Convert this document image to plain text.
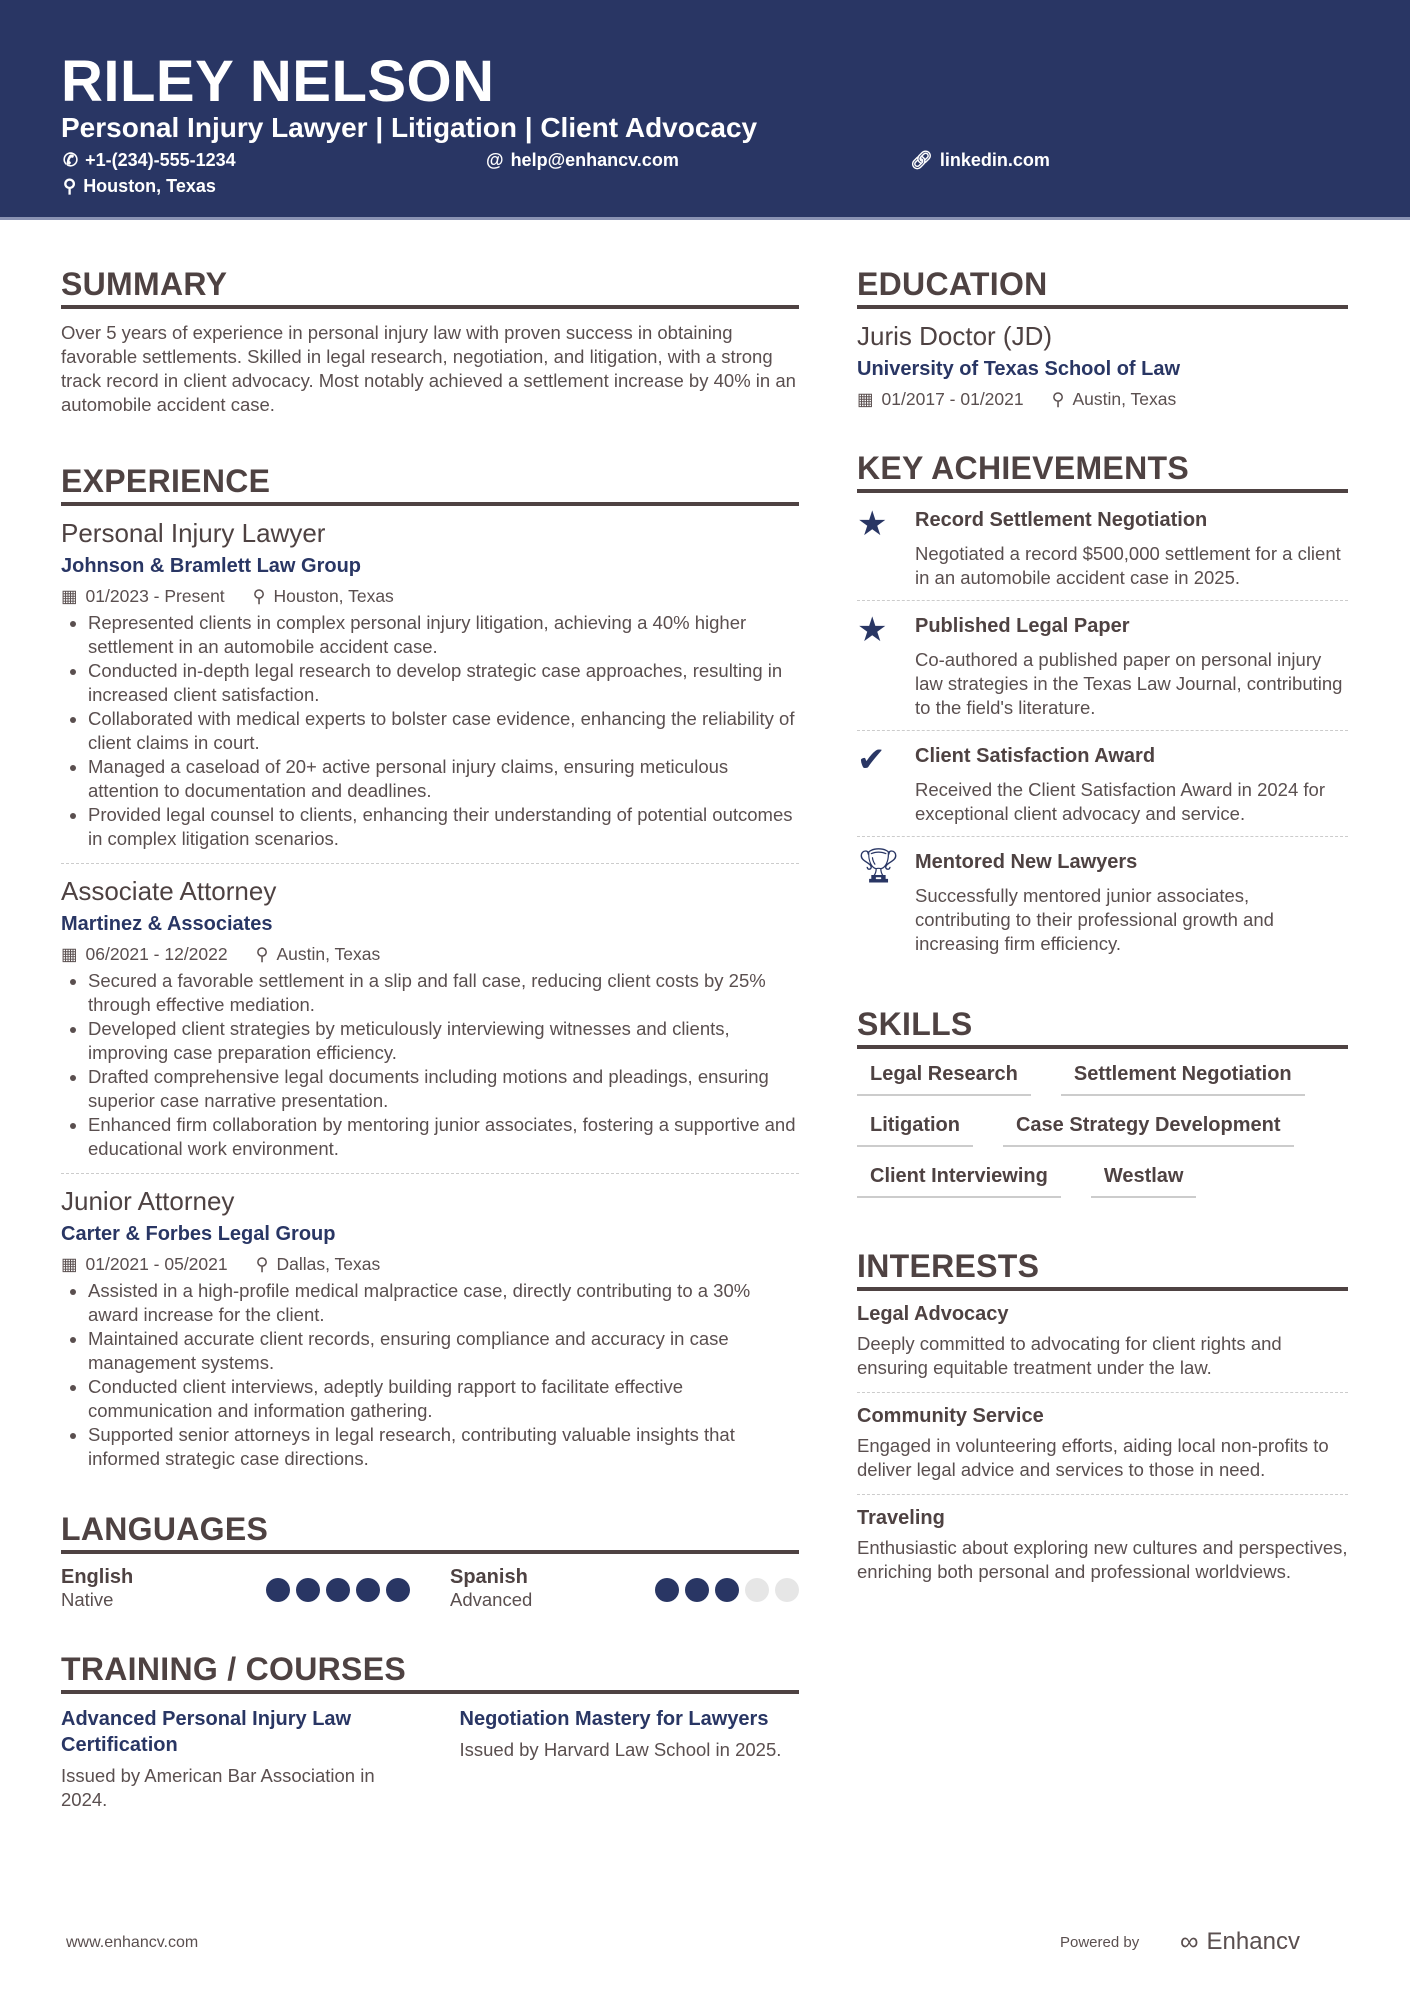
RILEY NELSON
Personal Injury Lawyer | Litigation | Client Advocacy
✆ +1-(234)-555-1234	@ help@enhancv.com	🔗︎ linkedin.com
⚲ Houston, Texas
SUMMARY

Over 5 years of experience in personal injury law with proven success in obtaining favorable settlements. Skilled in legal research, negotiation, and litigation, with a strong track record in client advocacy. Most notably achieved a settlement increase by 40% in an automobile accident case.

EXPERIENCE
Personal Injury Lawyer
Johnson & Bramlett Law Group
▦ 01/2023 - Present ⚲ Houston, Texas
• Represented clients in complex personal injury litigation, achieving a 40% higher settlement in an automobile accident case.
• Conducted in-depth legal research to develop strategic case approaches, resulting in increased client satisfaction.
• Collaborated with medical experts to bolster case evidence, enhancing the reliability of client claims in court.
• Managed a caseload of 20+ active personal injury claims, ensuring meticulous attention to documentation and deadlines.
• Provided legal counsel to clients, enhancing their understanding of potential outcomes in complex litigation scenarios.
Associate Attorney
Martinez & Associates
▦ 06/2021 - 12/2022 ⚲ Austin, Texas
• Secured a favorable settlement in a slip and fall case, reducing client costs by 25% through effective mediation.
• Developed client strategies by meticulously interviewing witnesses and clients, improving case preparation efficiency.
• Drafted comprehensive legal documents including motions and pleadings, ensuring superior case narrative presentation.
• Enhanced firm collaboration by mentoring junior associates, fostering a supportive and educational work environment.
Junior Attorney
Carter & Forbes Legal Group
▦ 01/2021 - 05/2021 ⚲ Dallas, Texas
• Assisted in a high-profile medical malpractice case, directly contributing to a 30% award increase for the client.
• Maintained accurate client records, ensuring compliance and accuracy in case management systems.
• Conducted client interviews, adeptly building rapport to facilitate effective communication and information gathering.
• Supported senior attorneys in legal research, contributing valuable insights that informed strategic case directions.
LANGUAGES
English
Native
Spanish
Advanced
TRAINING / COURSES
Advanced Personal Injury Law Certification

Issued by American Bar Association in 2024.

Negotiation Mastery for Lawyers

Issued by Harvard Law School in 2025.

EDUCATION
Juris Doctor (JD)
University of Texas School of Law
▦ 01/2017 - 01/2021 ⚲ Austin, Texas
KEY ACHIEVEMENTS
★	Record Settlement Negotiation

Negotiated a record $500,000 settlement for a client in an automobile accident case in 2025.

★	Published Legal Paper

Co-authored a published paper on personal injury law strategies in the Texas Law Journal, contributing to the field's literature.

✔	Client Satisfaction Award

Received the Client Satisfaction Award in 2024 for exceptional client advocacy and service.

🏆︎ Mentored New Lawyers

Successfully mentored junior associates, contributing to their professional growth and increasing firm efficiency.

SKILLS
Legal Research	Settlement Negotiation
Litigation	Case Strategy Development
Client Interviewing	Westlaw
INTERESTS
Legal Advocacy

Deeply committed to advocating for client rights and ensuring equitable treatment under the law.

Community Service

Engaged in volunteering efforts, aiding local non-profits to deliver legal advice and services to those in need.

Traveling

Enthusiastic about exploring new cultures and perspectives, enriching both personal and professional worldviews.

www.enhancv.com	Powered by ∞ Enhancv
